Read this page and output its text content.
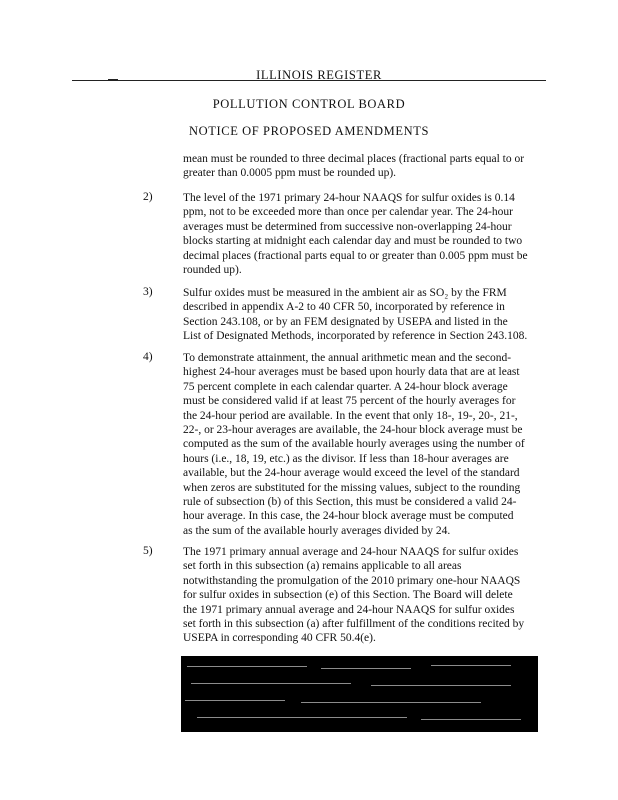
ILLINOIS REGISTER
POLLUTION CONTROL BOARD
NOTICE OF PROPOSED AMENDMENTS
mean must be rounded to three decimal places (fractional parts equal to or
greater than 0.0005 ppm must be rounded up).
2)	The level of the 1971 primary 24-hour NAAQS for sulfur oxides is 0.14
ppm, not to be exceeded more than once per calendar year. The 24-hour
averages must be determined from successive non-overlapping 24-hour
blocks starting at midnight each calendar day and must be rounded to two
decimal places (fractional parts equal to or greater than 0.005 ppm must be
rounded up).
3)	Sulfur oxides must be measured in the ambient air as SO₂ by the FRM
described in appendix A-2 to 40 CFR 50, incorporated by reference in
Section 243.108, or by an FEM designated by USEPA and listed in the
List of Designated Methods, incorporated by reference in Section 243.108.
4)	To demonstrate attainment, the annual arithmetic mean and the second-
highest 24-hour averages must be based upon hourly data that are at least
75 percent complete in each calendar quarter. A 24-hour block average
must be considered valid if at least 75 percent of the hourly averages for
the 24-hour period are available. In the event that only 18-, 19-, 20-, 21-,
22-, or 23-hour averages are available, the 24-hour block average must be
computed as the sum of the available hourly averages using the number of
hours (i.e., 18, 19, etc.) as the divisor. If less than 18-hour averages are
available, but the 24-hour average would exceed the level of the standard
when zeros are substituted for the missing values, subject to the rounding
rule of subsection (b) of this Section, this must be considered a valid 24-
hour average. In this case, the 24-hour block average must be computed
as the sum of the available hourly averages divided by 24.
5)	The 1971 primary annual average and 24-hour NAAQS for sulfur oxides
set forth in this subsection (a) remains applicable to all areas
notwithstanding the promulgation of the 2010 primary one-hour NAAQS
for sulfur oxides in subsection (e) of this Section. The Board will delete
the 1971 primary annual average and 24-hour NAAQS for sulfur oxides
set forth in this subsection (a) after fulfillment of the conditions recited by
USEPA in corresponding 40 CFR 50.4(e).
